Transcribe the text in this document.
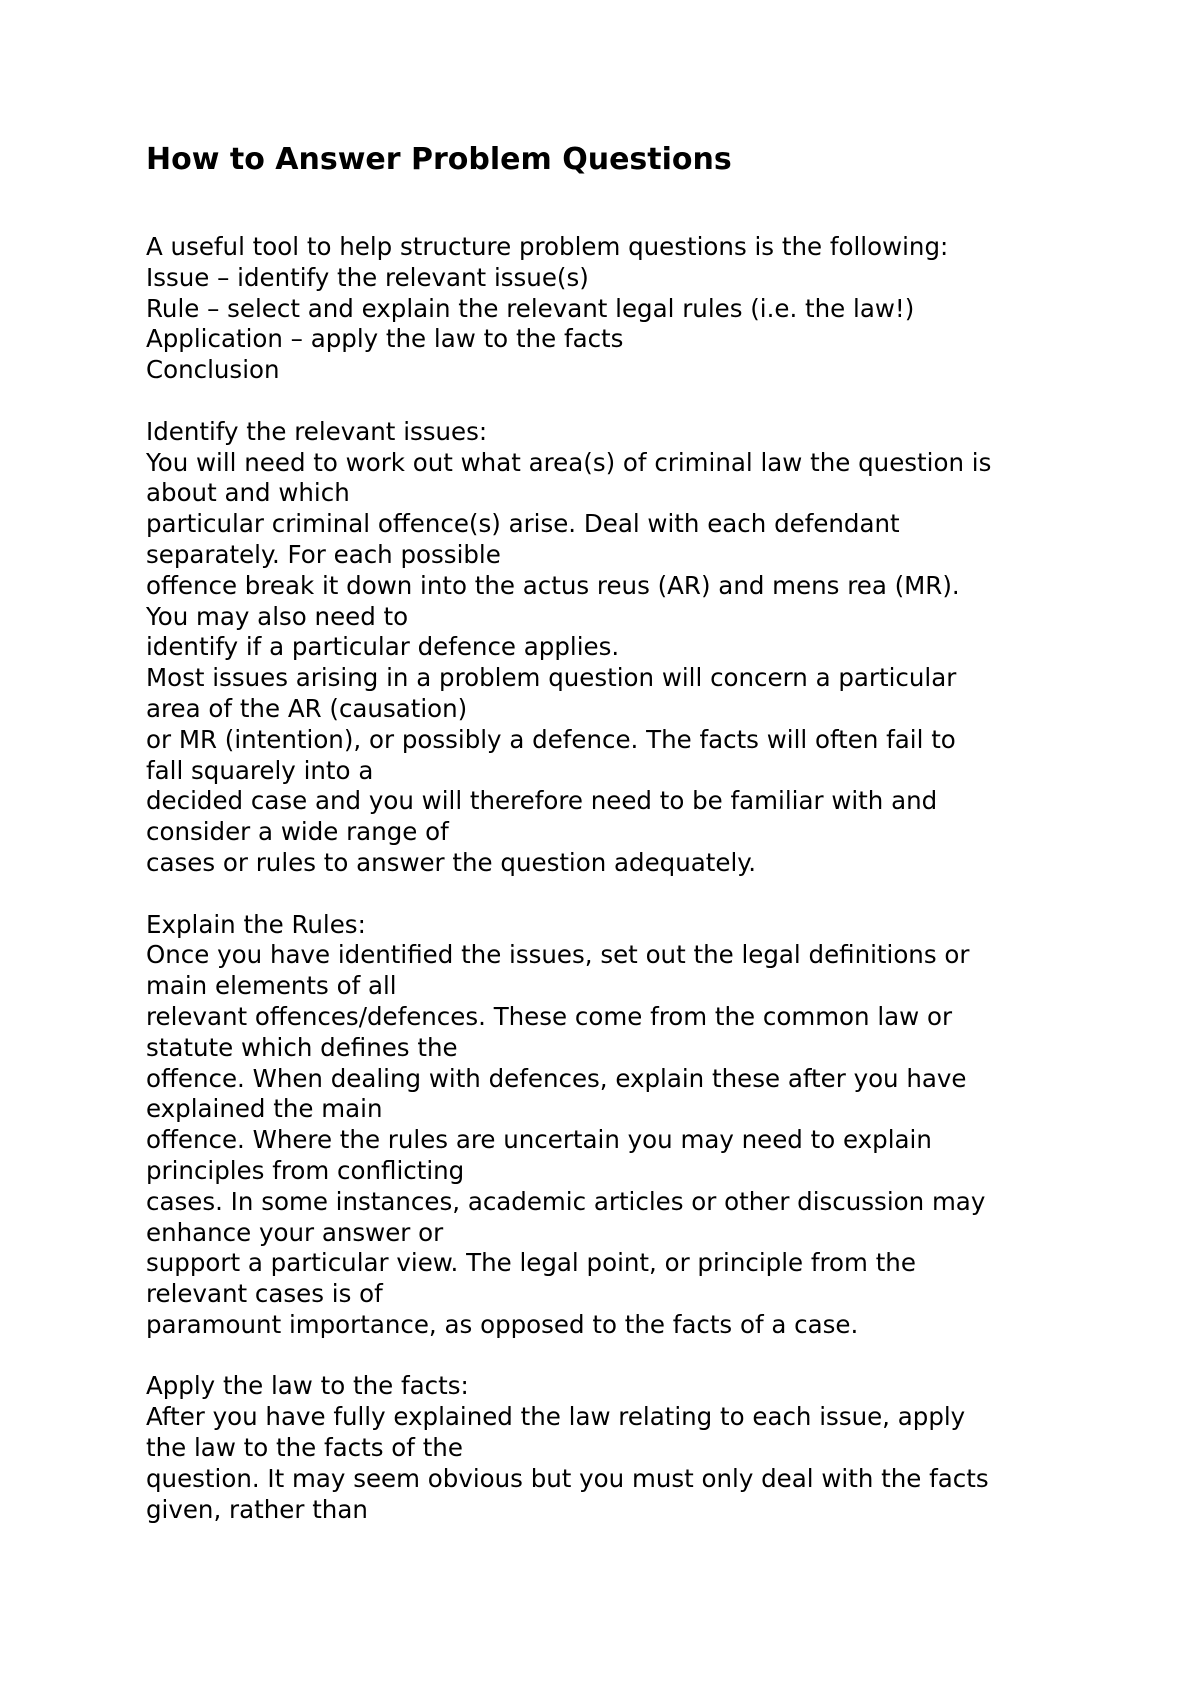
How to Answer Problem Questions

A useful tool to help structure problem questions is the following:

Issue – identify the relevant issue(s)

Rule – select and explain the relevant legal rules (i.e. the law!)

Application – apply the law to the facts

Conclusion

Identify the relevant issues:

You will need to work out what area(s) of criminal law the question is

about and which

particular criminal offence(s) arise. Deal with each defendant

separately. For each possible

offence break it down into the actus reus (AR) and mens rea (MR).

You may also need to

identify if a particular defence applies.

Most issues arising in a problem question will concern a particular

area of the AR (causation)

or MR (intention), or possibly a defence. The facts will often fail to

fall squarely into a

decided case and you will therefore need to be familiar with and

consider a wide range of

cases or rules to answer the question adequately.

Explain the Rules:

Once you have identified the issues, set out the legal definitions or

main elements of all

relevant offences/defences. These come from the common law or

statute which defines the

offence. When dealing with defences, explain these after you have

explained the main

offence. Where the rules are uncertain you may need to explain

principles from conflicting

cases. In some instances, academic articles or other discussion may

enhance your answer or

support a particular view. The legal point, or principle from the

relevant cases is of

paramount importance, as opposed to the facts of a case.

Apply the law to the facts:

After you have fully explained the law relating to each issue, apply

the law to the facts of the

question. It may seem obvious but you must only deal with the facts

given, rather than
